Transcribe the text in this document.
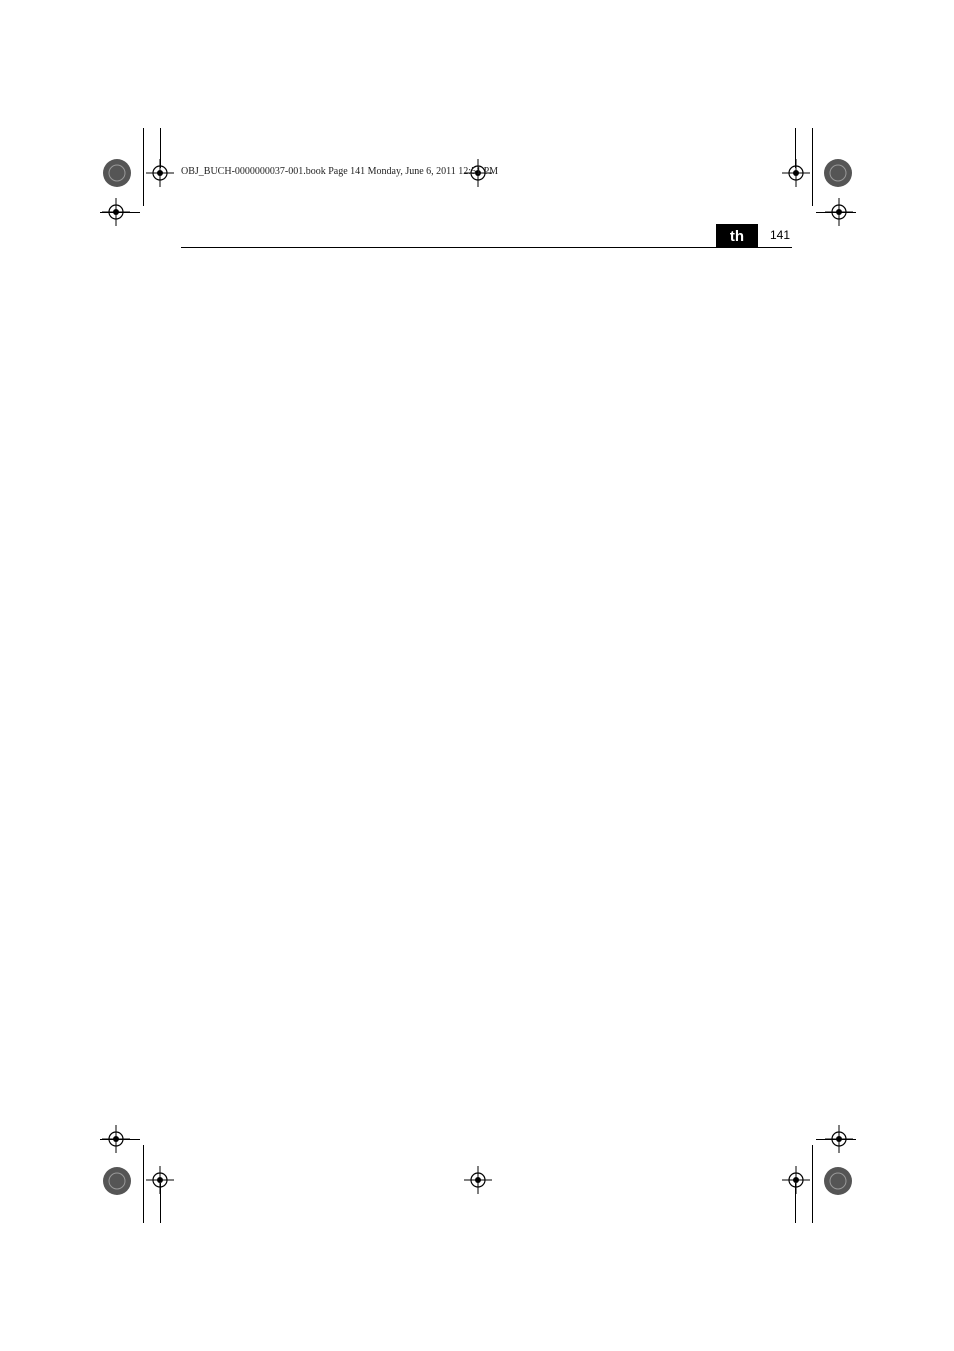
OBJ_BUCH-0000000037-001.book Page 141 Monday, June 6, 2011 12:51 PM
th	141
